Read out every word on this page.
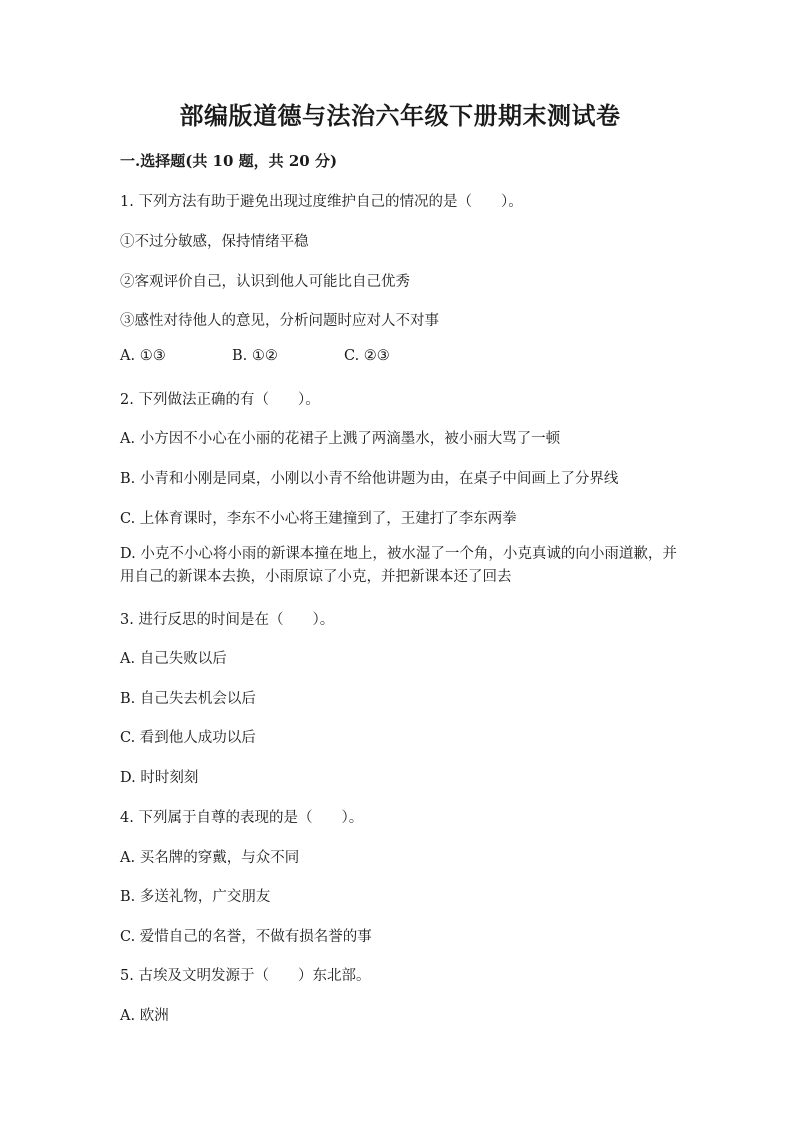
部编版道德与法治六年级下册期末测试卷
一.选择题(共 10 题，共 20 分)
1. 下列方法有助于避免出现过度维护自己的情况的是（　　）。
①不过分敏感，保持情绪平稳
②客观评价自己，认识到他人可能比自己优秀
③感性对待他人的意见，分析问题时应对人不对事
A. ①③	B. ①②	C. ②③
2. 下列做法正确的有（　　）。
A. 小方因不小心在小丽的花裙子上溅了两滴墨水，被小丽大骂了一顿
B. 小青和小刚是同桌，小刚以小青不给他讲题为由，在桌子中间画上了分界线
C. 上体育课时，李东不小心将王建撞到了，王建打了李东两拳
D. 小克不小心将小雨的新课本撞在地上，被水湿了一个角，小克真诚的向小雨道歉，并用自己的新课本去换，小雨原谅了小克，并把新课本还了回去
3. 进行反思的时间是在（　　）。
A. 自己失败以后
B. 自己失去机会以后
C. 看到他人成功以后
D. 时时刻刻
4. 下列属于自尊的表现的是（　　）。
A. 买名牌的穿戴，与众不同
B. 多送礼物，广交朋友
C. 爱惜自己的名誉，不做有损名誉的事
5. 古埃及文明发源于（　　）东北部。
A. 欧洲
